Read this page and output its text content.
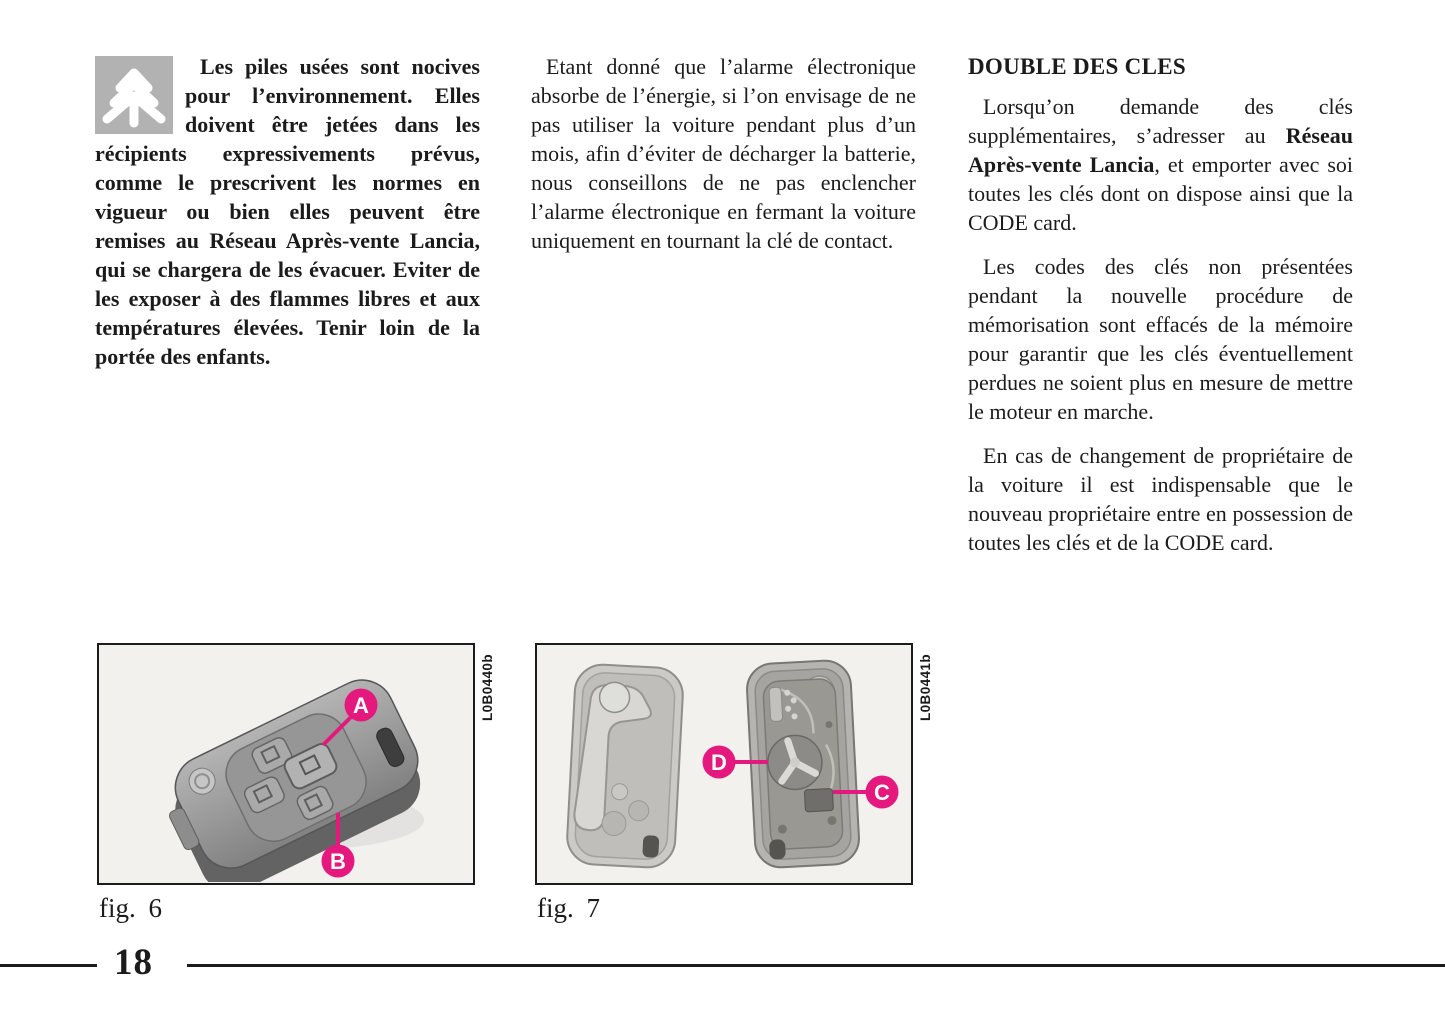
Les piles usées sont nocives pour l’environnement. Elles doivent être jetées dans les récipients expressivements prévus, comme le prescrivent les normes en vigueur ou bien elles peuvent être remises au Réseau Après-vente Lancia, qui se chargera de les évacuer. Eviter de les exposer à des flammes libres et aux températures élevées. Tenir loin de la portée des enfants.

Etant donné que l’alarme électronique absorbe de l’énergie, si l’on envisage de ne pas utiliser la voiture pendant plus d’un mois, afin d’éviter de décharger la batterie, nous conseillons de ne pas enclencher l’alarme électronique en fermant la voiture uniquement en tournant la clé de contact.

DOUBLE DES CLES

Lorsqu’on demande des clés supplémentaires, s’adresser au Réseau Après-vente Lancia, et emporter avec soi toutes les clés dont on dispose ainsi que la CODE card.

Les codes des clés non présentées pendant la nouvelle procédure de mémorisation sont effacés de la mémoire pour garantir que les clés éventuellement perdues ne soient plus en mesure de mettre le moteur en marche.

En cas de changement de propriétaire de la voiture il est indispensable que le nouveau propriétaire entre en possession de toutes les clés et de la CODE card.

A
B
L0B0440b
fig. 6
D
C
L0B0441b
fig. 7
18
